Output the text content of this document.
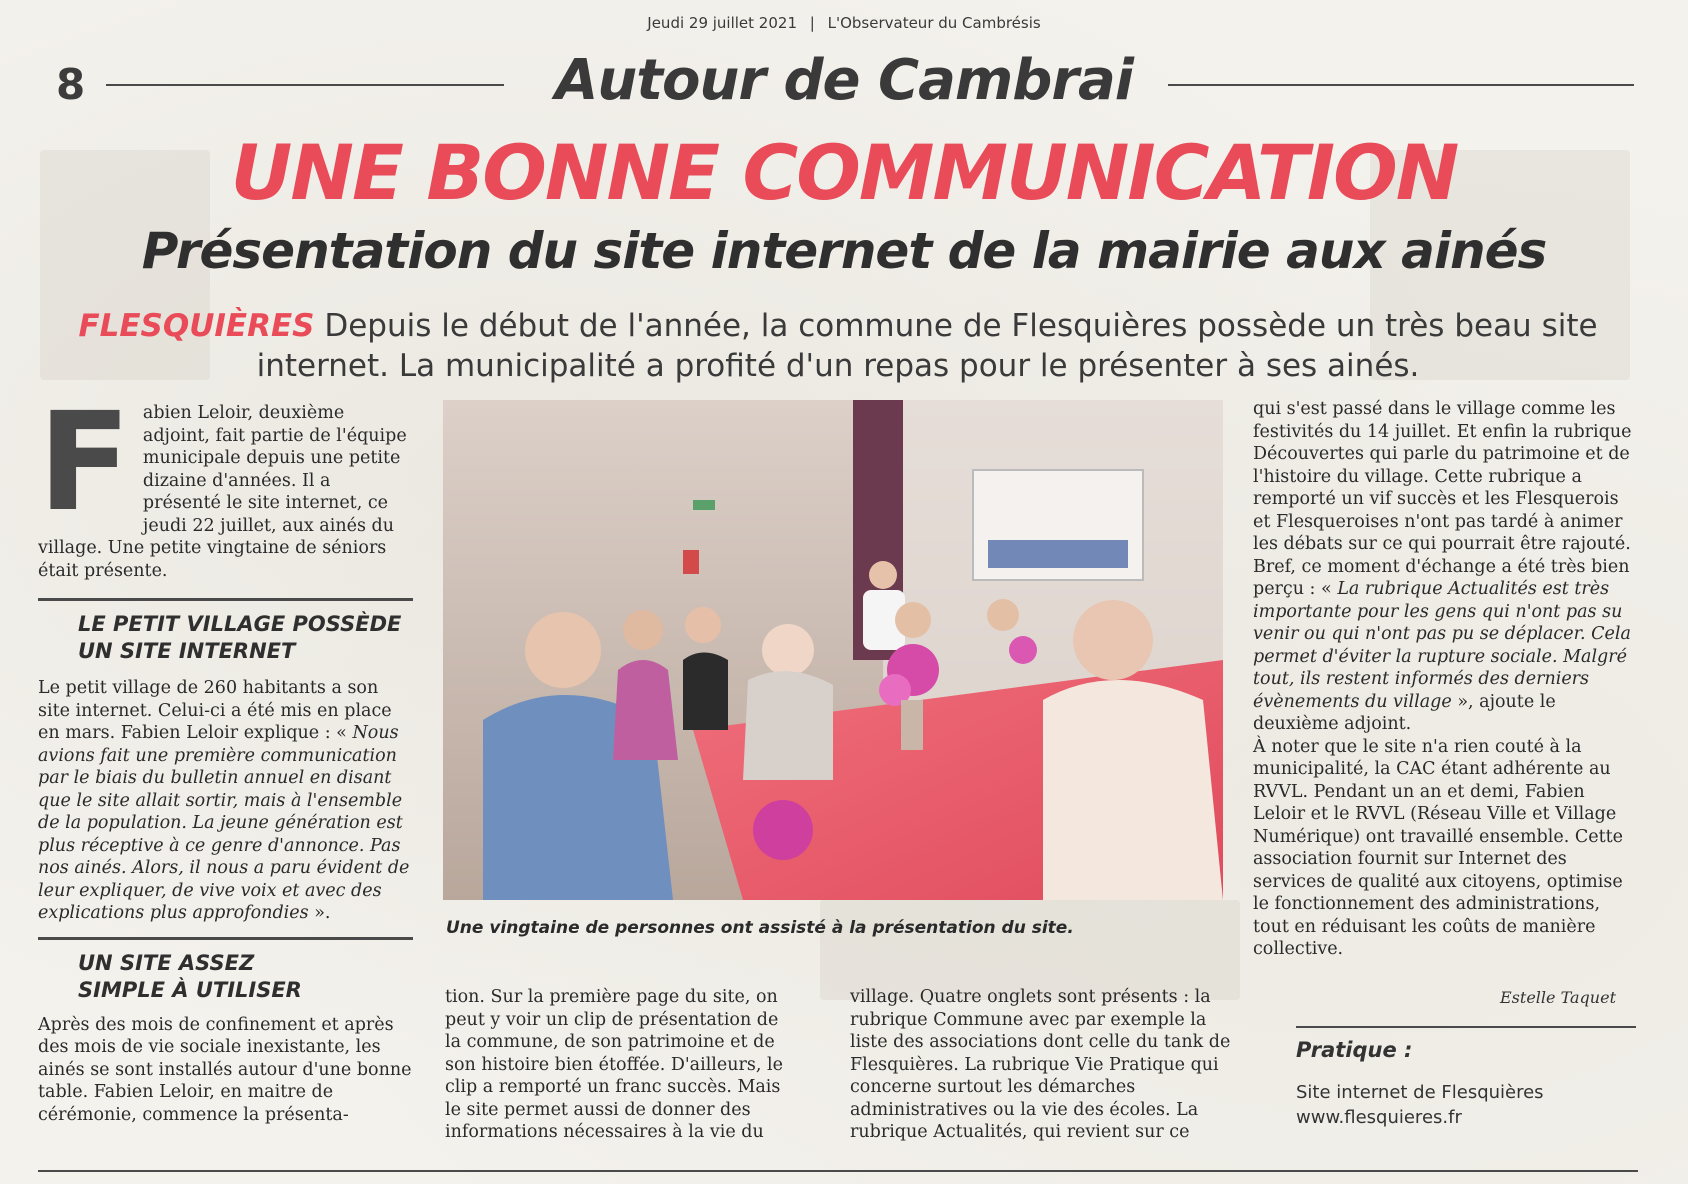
Jeudi 29 juillet 2021 | L'Observateur du Cambrésis
8	Autour de Cambrai
UNE BONNE COMMUNICATION
Présentation du site internet de la mairie aux ainés
FLESQUIÈRES Depuis le début de l'année, la commune de Flesquières possède un très beau site internet. La municipalité a profité d'un repas pour le présenter à ses ainés.
F abien Leloir, deuxième adjoint, fait partie de l'équipe municipale depuis une petite dizaine d'années. Il a présenté le site internet, ce jeudi 22 juillet, aux ainés du village. Une petite vingtaine de séniors était présente.
LE PETIT VILLAGE POSSÈDE UN SITE INTERNET

Le petit village de 260 habitants a son site internet. Celui-ci a été mis en place en mars. Fabien Leloir explique : « Nous avions fait une première communication par le biais du bulletin annuel en disant que le site allait sortir, mais à l'ensemble de la population. La jeune génération est plus réceptive à ce genre d'annonce. Pas nos ainés. Alors, il nous a paru évident de leur expliquer, de vive voix et avec des explications plus approfondies ».

UN SITE ASSEZ SIMPLE À UTILISER

Après des mois de confinement et après des mois de vie sociale inexistante, les ainés se sont installés autour d'une bonne table. Fabien Leloir, en maitre de cérémonie, commence la présenta-

Une vingtaine de personnes ont assisté à la présentation du site.
tion. Sur la première page du site, on peut y voir un clip de présentation de la commune, de son patrimoine et de son histoire bien étoffée. D'ailleurs, le clip a remporté un franc succès. Mais le site permet aussi de donner des informations nécessaires à la vie du
village. Quatre onglets sont présents : la rubrique Commune avec par exemple la liste des associations dont celle du tank de Flesquières. La rubrique Vie Pratique qui concerne surtout les démarches administratives ou la vie des écoles. La rubrique Actualités, qui revient sur ce

qui s'est passé dans le village comme les festivités du 14 juillet. Et enfin la rubrique Découvertes qui parle du patrimoine et de l'histoire du village. Cette rubrique a remporté un vif succès et les Flesquerois et Flesqueroises n'ont pas tardé à animer les débats sur ce qui pourrait être rajouté.

Bref, ce moment d'échange a été très bien perçu : « La rubrique Actualités est très importante pour les gens qui n'ont pas su venir ou qui n'ont pas pu se déplacer. Cela permet d'éviter la rupture sociale. Malgré tout, ils restent informés des derniers évènements du village », ajoute le deuxième adjoint.

À noter que le site n'a rien couté à la municipalité, la CAC étant adhérente au RVVL. Pendant un an et demi, Fabien Leloir et le RVVL (Réseau Ville et Village Numérique) ont travaillé ensemble. Cette association fournit sur Internet des services de qualité aux citoyens, optimise le fonctionnement des administrations, tout en réduisant les coûts de manière collective.

Estelle Taquet
Pratique :
Site internet de Flesquières
www.flesquieres.fr
